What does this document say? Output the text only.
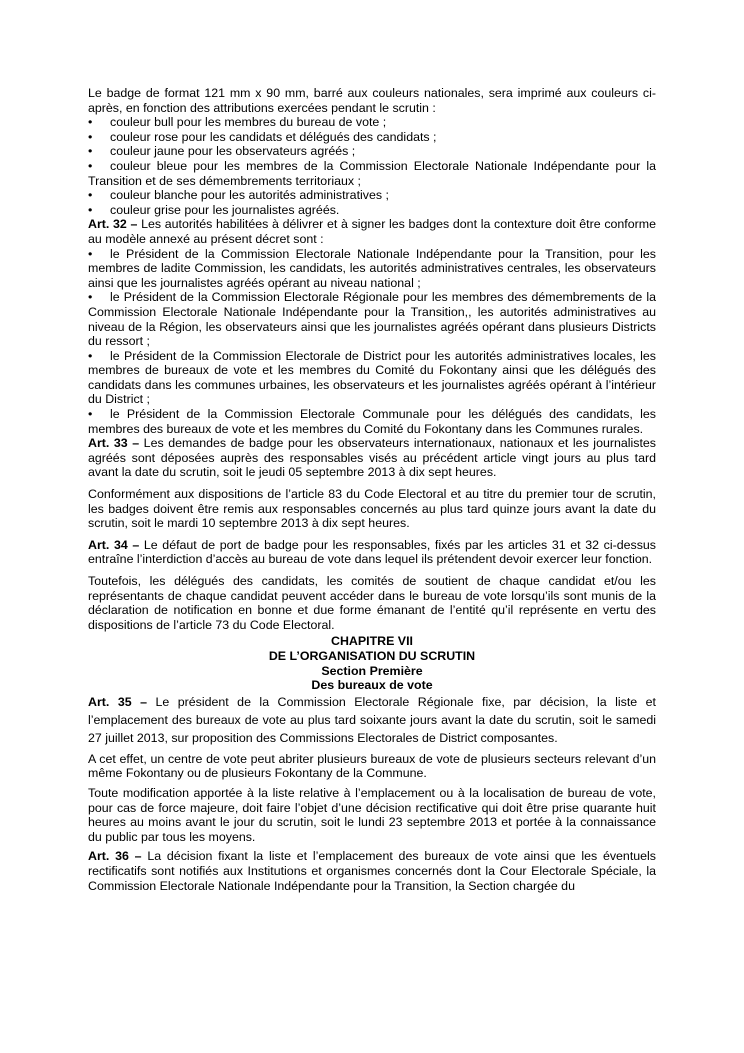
Le badge de format 121 mm x 90 mm, barré aux couleurs nationales, sera imprimé aux couleurs ci-après, en fonction des attributions exercées pendant le scrutin :

• couleur bull pour les membres du bureau de vote ;

• couleur rose pour les candidats et délégués des candidats ;

• couleur jaune pour les observateurs agréés ;

• couleur bleue pour les membres de la Commission Electorale Nationale Indépendante pour la Transition et de ses démembrements territoriaux ;

• couleur blanche pour les autorités administratives ;

• couleur grise pour les journalistes agréés.

Art. 32 – Les autorités habilitées à délivrer et à signer les badges dont la contexture doit être conforme au modèle annexé au présent décret sont :

• le Président de la Commission Electorale Nationale Indépendante pour la Transition, pour les membres de ladite Commission, les candidats, les autorités administratives centrales, les observateurs ainsi que les journalistes agréés opérant au niveau national ;

• le Président de la Commission Electorale Régionale pour les membres des démembrements de la Commission Electorale Nationale Indépendante pour la Transition,, les autorités administratives au niveau de la Région, les observateurs ainsi que les journalistes agréés opérant dans plusieurs Districts du ressort ;

• le Président de la Commission Electorale de District pour les autorités administratives locales, les membres de bureaux de vote et les membres du Comité du Fokontany ainsi que les délégués des candidats dans les communes urbaines, les observateurs et les journalistes agréés opérant à l’intérieur du District ;

• le Président de la Commission Electorale Communale pour les délégués des candidats, les membres des bureaux de vote et les membres du Comité du Fokontany dans les Communes rurales.

Art. 33 – Les demandes de badge pour les observateurs internationaux, nationaux et les journalistes agréés sont déposées auprès des responsables visés au précédent article vingt jours au plus tard avant la date du scrutin, soit le jeudi 05 septembre 2013 à dix sept heures.

Conformément aux dispositions de l’article 83 du Code Electoral et au titre du premier tour de scrutin, les badges doivent être remis aux responsables concernés au plus tard quinze jours avant la date du scrutin, soit le mardi 10 septembre 2013 à dix sept heures.

Art. 34 – Le défaut de port de badge pour les responsables, fixés par les articles 31 et 32 ci-dessus entraîne l’interdiction d’accès au bureau de vote dans lequel ils prétendent devoir exercer leur fonction.

Toutefois, les délégués des candidats, les comités de soutient de chaque candidat et/ou les représentants de chaque candidat peuvent accéder dans le bureau de vote lorsqu’ils sont munis de la déclaration de notification en bonne et due forme émanant de l’entité qu’il représente en vertu des dispositions de l’article 73 du Code Electoral.

CHAPITRE VII

DE L’ORGANISATION DU SCRUTIN

Section Première

Des bureaux de vote

Art. 35 – Le président de la Commission Electorale Régionale fixe, par décision, la liste et l’emplacement des bureaux de vote au plus tard soixante jours avant la date du scrutin, soit le samedi 27 juillet 2013, sur proposition des Commissions Electorales de District composantes.

A cet effet, un centre de vote peut abriter plusieurs bureaux de vote de plusieurs secteurs relevant d’un même Fokontany ou de plusieurs Fokontany de la Commune.

Toute modification apportée à la liste relative à l’emplacement ou à la localisation de bureau de vote, pour cas de force majeure, doit faire l’objet d’une décision rectificative qui doit être prise quarante huit heures au moins avant le jour du scrutin, soit le lundi 23 septembre 2013 et portée à la connaissance du public par tous les moyens.

Art. 36 – La décision fixant la liste et l’emplacement des bureaux de vote ainsi que les éventuels rectificatifs sont notifiés aux Institutions et organismes concernés dont la Cour Electorale Spéciale, la Commission Electorale Nationale Indépendante pour la Transition, la Section chargée du
